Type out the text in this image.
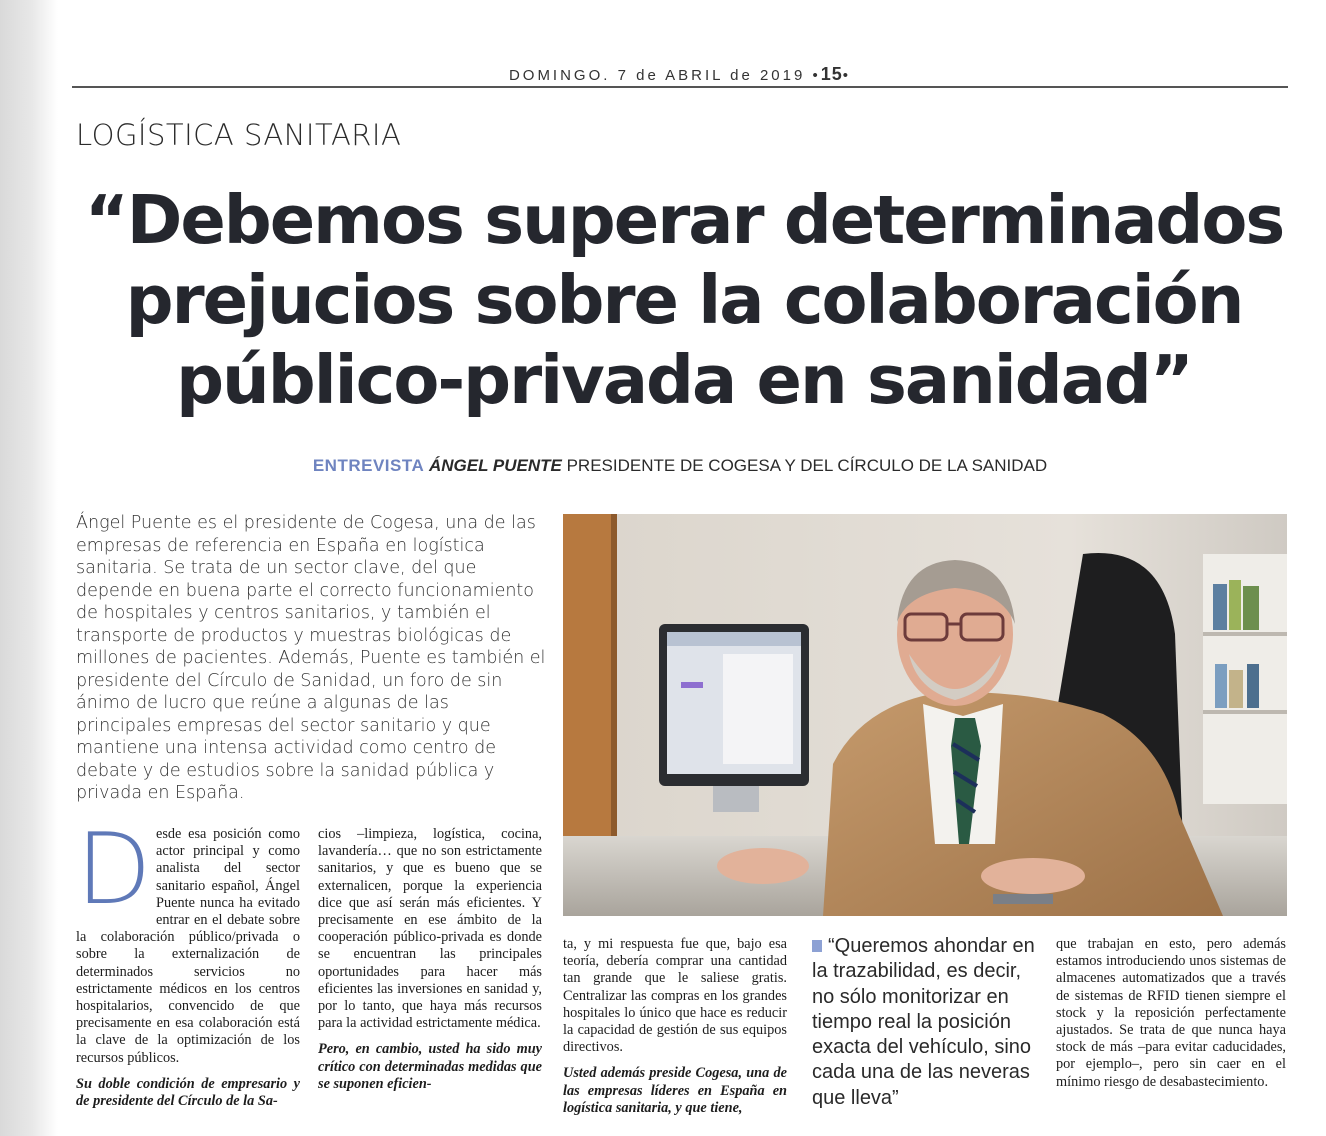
DOMINGO. 7 de ABRIL de 2019 •15•
LOGÍSTICA SANITARIA
“Debemos superar determinados prejucios sobre la colaboración público-privada en sanidad”
ENTREVISTA ÁNGEL PUENTE PRESIDENTE DE COGESA Y DEL CÍRCULO DE LA SANIDAD

Ángel Puente es el presidente de Cogesa, una de las empresas de referencia en España en logística sanitaria. Se trata de un sector clave, del que depende en buena parte el correcto funcionamiento de hospitales y centros sanitarios, y también el transporte de productos y muestras biológicas de millones de pacientes. Además, Puente es también el presidente del Círculo de Sanidad, un foro de sin ánimo de lucro que reúne a algunas de las principales empresas del sector sanitario y que mantiene una intensa actividad como centro de debate y de estudios sobre la sanidad pública y privada en España.

Desde esa posición como actor principal y como analista del sector sanitario español, Ángel Puente nunca ha evitado entrar en el debate sobre la colaboración público/privada o sobre la externalización de determinados servicios no estrictamente médicos en los centros hospitalarios, convencido de que precisamente en esa colaboración está la clave de la optimización de los recursos públicos.

Su doble condición de empresario y de presidente del Círculo de la Sa-

cios –limpieza, logística, cocina, lavandería… que no son estrictamente sanitarios, y que es bueno que se externalicen, porque la experiencia dice que así serán más eficientes. Y precisamente en ese ámbito de la cooperación público-privada es donde se encuentran las principales oportunidades para hacer más eficientes las inversiones en sanidad y, por lo tanto, que haya más recursos para la actividad estrictamente médica.

Pero, en cambio, usted ha sido muy crítico con determinadas medidas que se suponen eficien-

ta, y mi respuesta fue que, bajo esa teoría, debería comprar una cantidad tan grande que le saliese gratis. Centralizar las compras en los grandes hospitales lo único que hace es reducir la capacidad de gestión de sus equipos directivos.

Usted además preside Cogesa, una de las empresas líderes en España en logística sanitaria, y que tiene,

“Queremos ahondar en la trazabilidad, es decir, no sólo monitorizar en tiempo real la posición exacta del vehículo, sino cada una de las neveras que lleva”

que trabajan en esto, pero además estamos introduciendo unos sistemas de almacenes automatizados que a través de sistemas de RFID tienen siempre el stock y la reposición perfectamente ajustados. Se trata de que nunca haya stock de más –para evitar caducidades, por ejemplo–, pero sin caer en el mínimo riesgo de desabastecimiento.
